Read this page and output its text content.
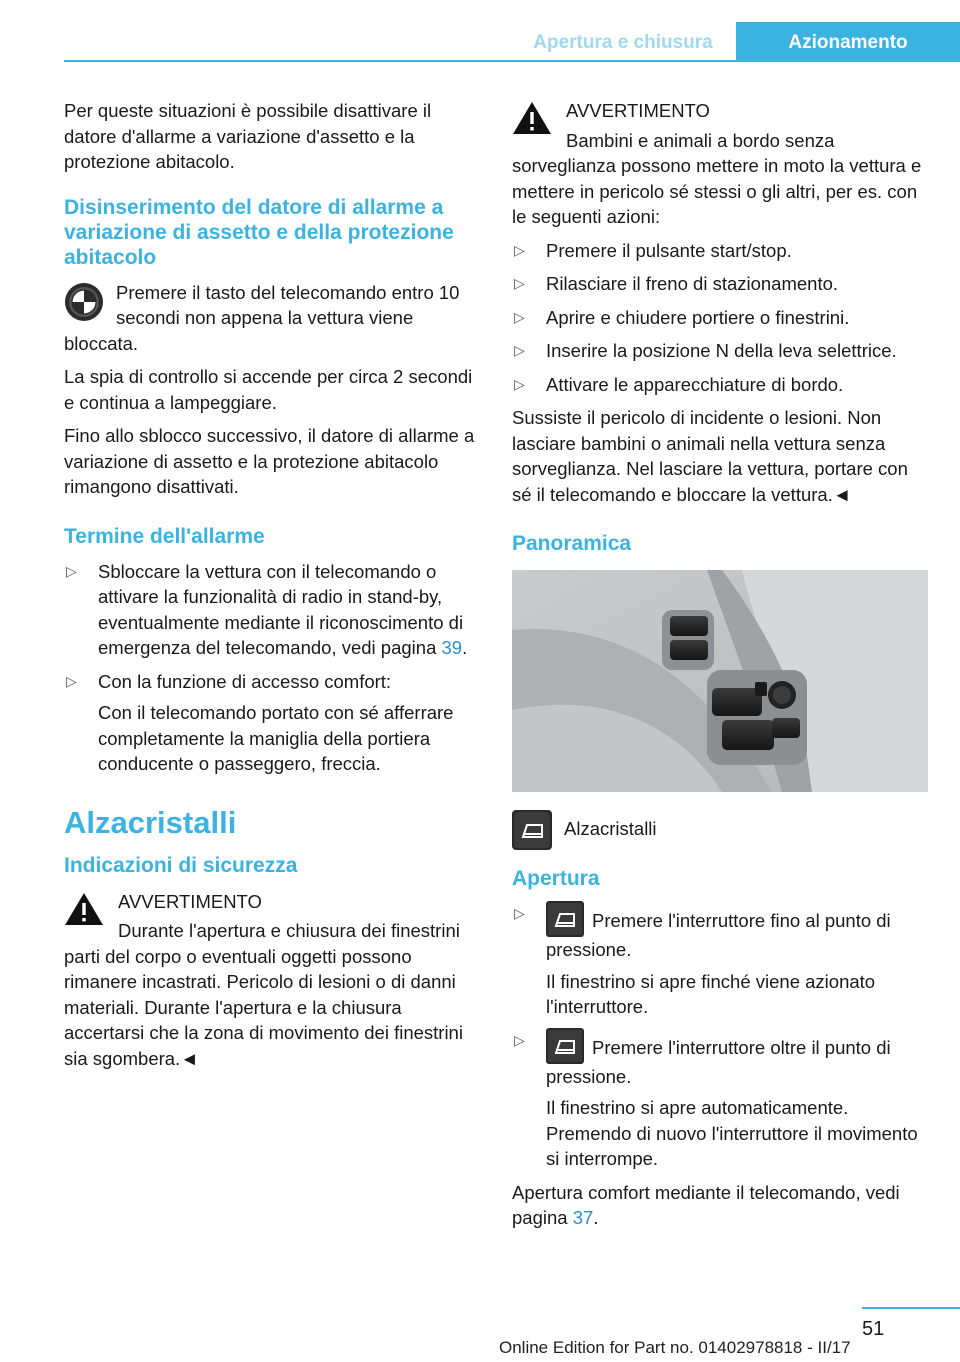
Apertura e chiusura	Azionamento

Per queste situazioni è possibile disattivare il datore d'allarme a variazione d'assetto e la protezione abitacolo.

Disinserimento del datore di allarme a variazione di assetto e della protezione abitacolo

Premere il tasto del telecomando entro 10 secondi non appena la vettura viene bloccata.

La spia di controllo si accende per circa 2 secondi e continua a lampeggiare.

Fino allo sblocco successivo, il datore di allarme a variazione di assetto e la protezione abitacolo rimangono disattivati.

Termine dell'allarme
▷ Sbloccare la vettura con il telecomando o attivare la funzionalità di radio in stand-by, eventualmente mediante il riconoscimento di emergenza del telecomando, vedi pagina 39.

▷ Con la funzione di accesso comfort:

Con il telecomando portato con sé afferrare completamente la maniglia della portiera conducente o passeggero, freccia.

Alzacristalli
Indicazioni di sicurezza

AVVERTIMENTO

Durante l'apertura e chiusura dei finestrini parti del corpo o eventuali oggetti possono rimanere incastrati. Pericolo di lesioni o di danni materiali. Durante l'apertura e la chiusura accertarsi che la zona di movimento dei finestrini sia sgombera.◄

AVVERTIMENTO

Bambini e animali a bordo senza sorveglianza possono mettere in moto la vettura e mettere in pericolo sé stessi o gli altri, per es. con le seguenti azioni:

▷ Premere il pulsante start/stop.

▷ Rilasciare il freno di stazionamento.

▷ Aprire e chiudere portiere o finestrini.

▷ Inserire la posizione N della leva selettrice.

▷ Attivare le apparecchiature di bordo.

Sussiste il pericolo di incidente o lesioni. Non lasciare bambini o animali nella vettura senza sorveglianza. Nel lasciare la vettura, portare con sé il telecomando e bloccare la vettura.◄

Panoramica

Alzacristalli

Apertura
▷	Premere l'interruttore fino al punto di pressione.

Il finestrino si apre finché viene azionato l'interruttore.

▷	Premere l'interruttore oltre il punto di pressione.

Il finestrino si apre automaticamente. Premendo di nuovo l'interruttore il movimento si interrompe.

Apertura comfort mediante il telecomando, vedi pagina 37.

51
Online Edition for Part no. 01402978818 - II/17
